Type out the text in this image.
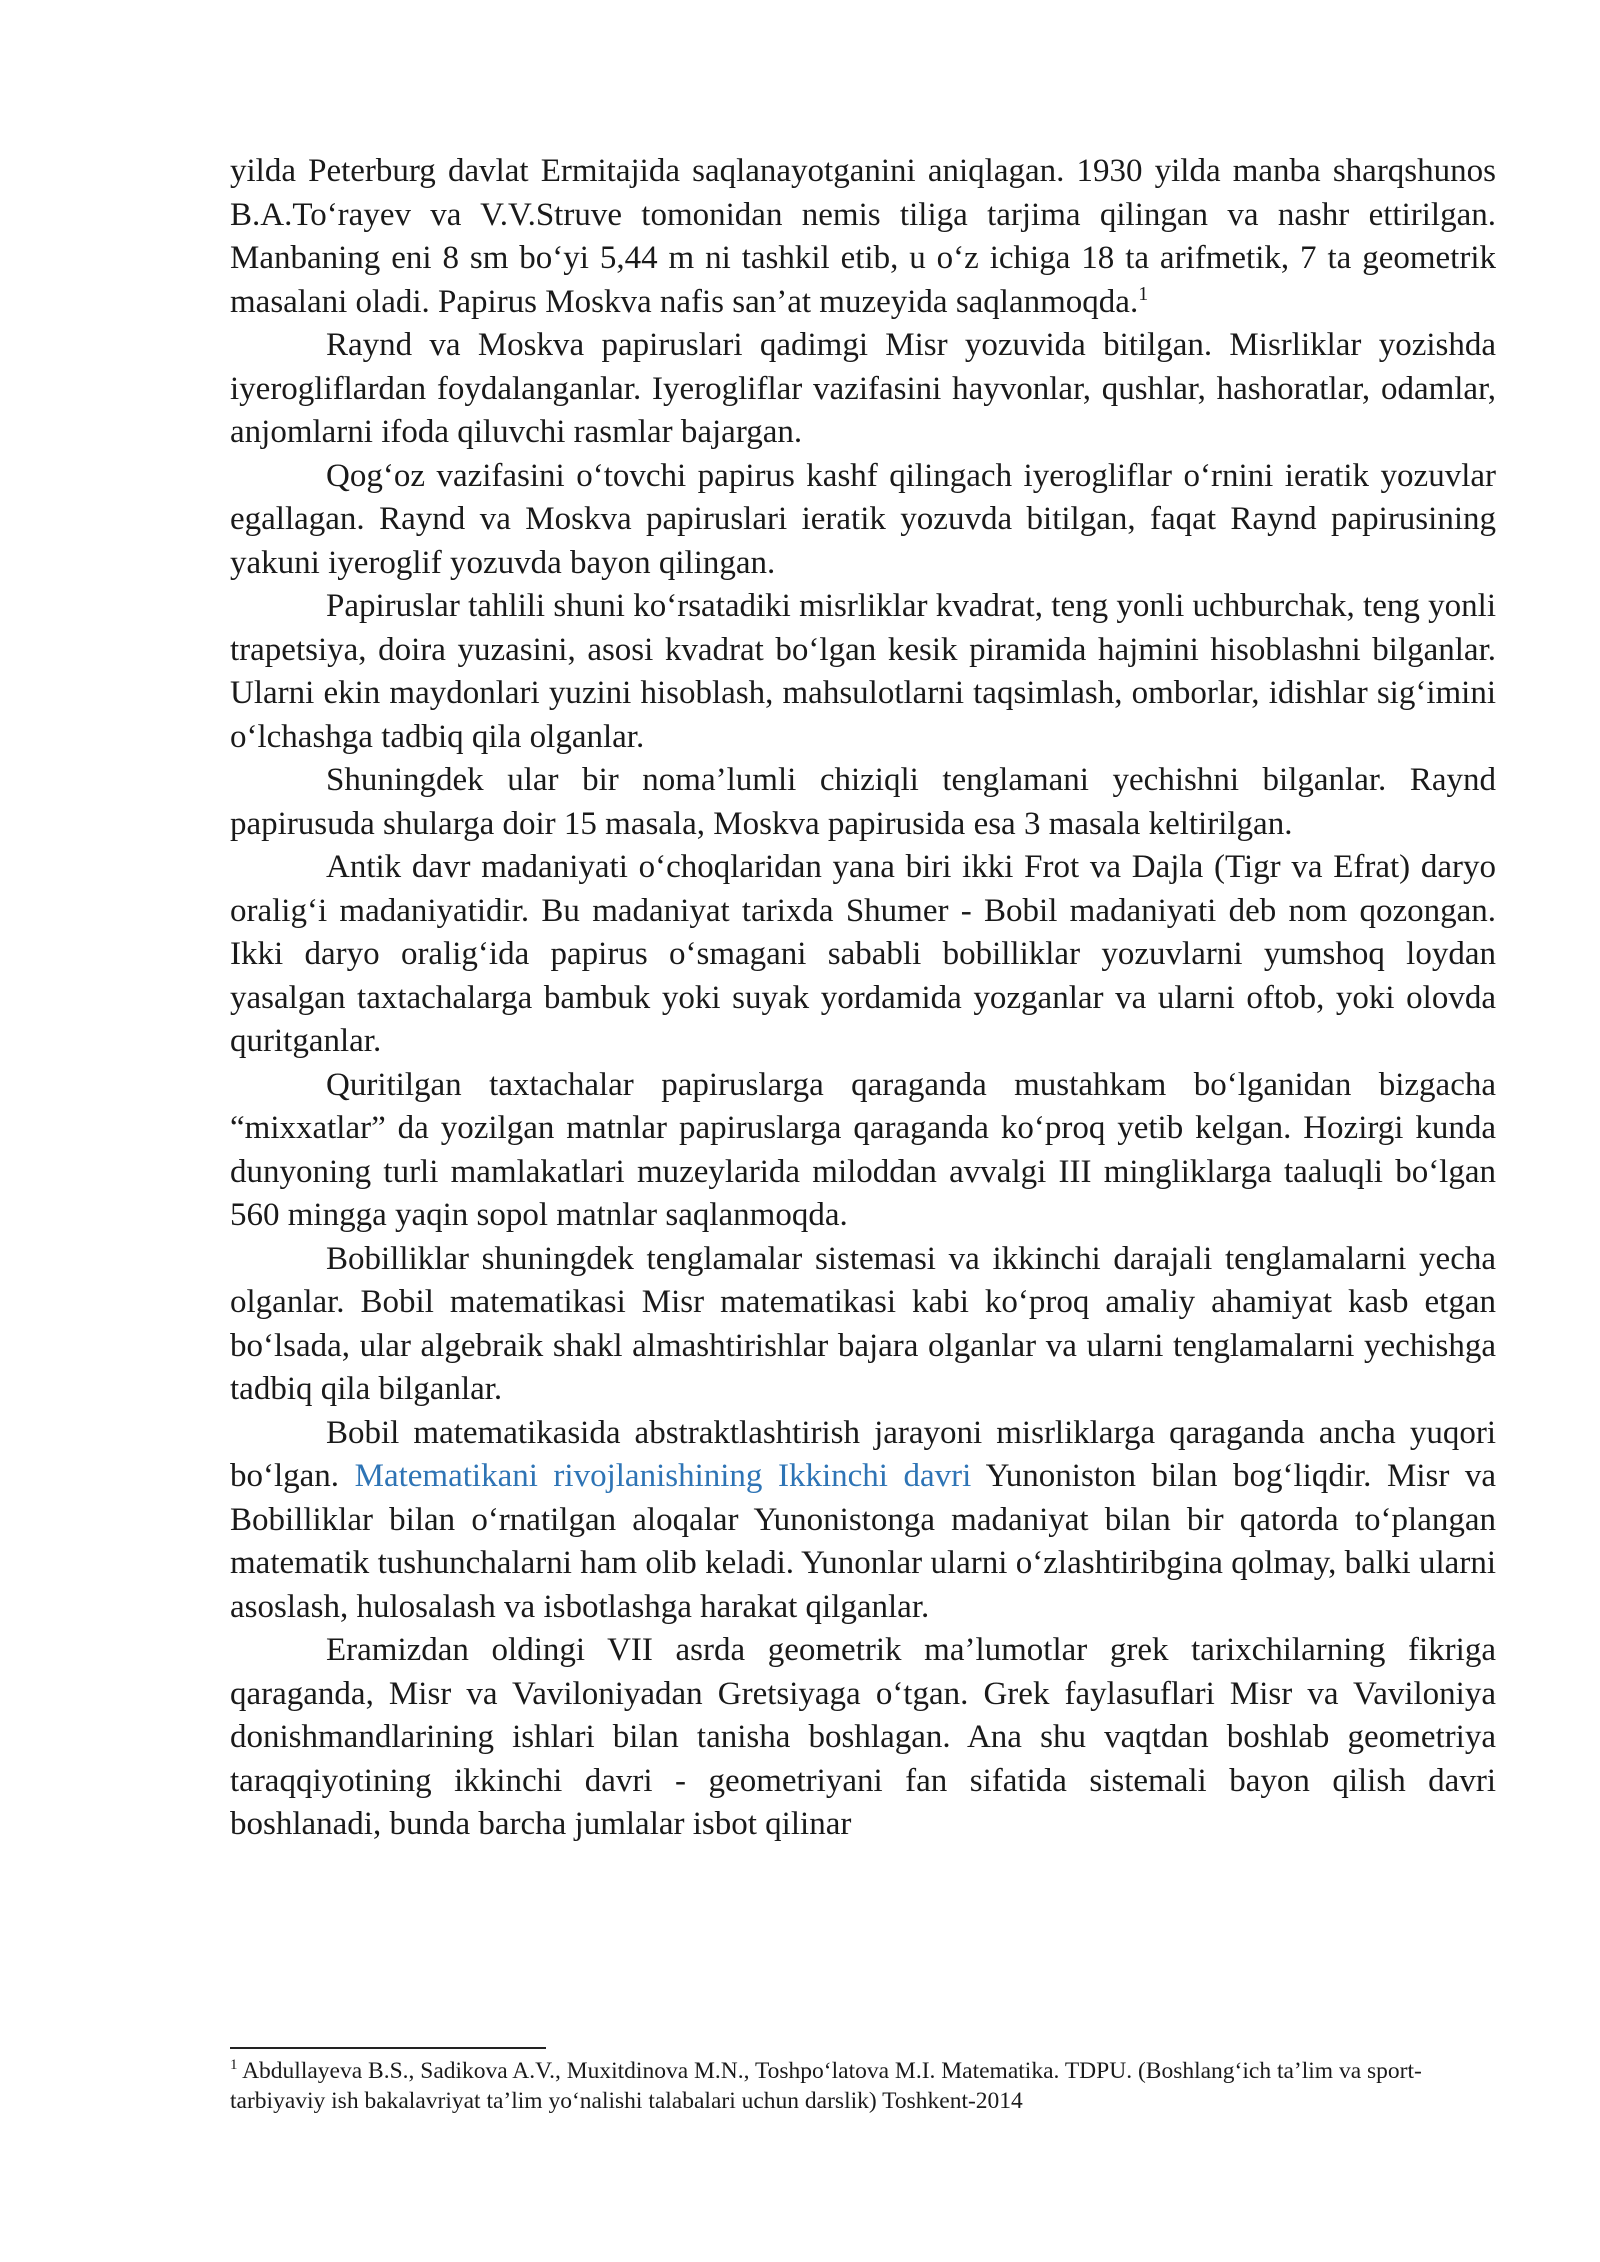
yilda Peterburg davlat Ermitajida saqlanayotganini aniqlagan. 1930 yilda manba sharqshunos B.A.To‘rayev va V.V.Struve tomonidan nemis tiliga tarjima qilingan va nashr ettirilgan. Manbaning eni 8 sm bo‘yi 5,44 m ni tashkil etib, u o‘z ichiga 18 ta arifmetik, 7 ta geometrik masalani oladi. Papirus Moskva nafis san’at muzeyida saqlanmoqda.$^1$

Raynd va Moskva papiruslari qadimgi Misr yozuvida bitilgan. Misrliklar yozishda iyerogliflardan foydalanganlar. Iyerogliflar vazifasini hayvonlar, qushlar, hashoratlar, odamlar, anjomlarni ifoda qiluvchi rasmlar bajargan.

Qog‘oz vazifasini o‘tovchi papirus kashf qilingach iyerogliflar o‘rnini ieratik yozuvlar egallagan. Raynd va Moskva papiruslari ieratik yozuvda bitilgan, faqat Raynd papirusining yakuni iyeroglif yozuvda bayon qilingan.

Papiruslar tahlili shuni ko‘rsatadiki misrliklar kvadrat, teng yonli uchburchak, teng yonli trapetsiya, doira yuzasini, asosi kvadrat bo‘lgan kesik piramida hajmini hisoblashni bilganlar. Ularni ekin maydonlari yuzini hisoblash, mahsulotlarni taqsimlash, omborlar, idishlar sig‘imini o‘lchashga tadbiq qila olganlar.

Shuningdek ular bir noma’lumli chiziqli tenglamani yechishni bilganlar. Raynd papirusuda shularga doir 15 masala, Moskva papirusida esa 3 masala keltirilgan.

Antik davr madaniyati o‘choqlaridan yana biri ikki Frot va Dajla (Tigr va Efrat) daryo oralig‘i madaniyatidir. Bu madaniyat tarixda Shumer - Bobil madaniyati deb nom qozongan. Ikki daryo oralig‘ida papirus o‘smagani sababli bobilliklar yozuvlarni yumshoq loydan yasalgan taxtachalarga bambuk yoki suyak yordamida yozganlar va ularni oftob, yoki olovda quritganlar.

Quritilgan taxtachalar papiruslarga qaraganda mustahkam bo‘lganidan bizgacha “mixxatlar” da yozilgan matnlar papiruslarga qaraganda ko‘proq yetib kelgan. Hozirgi kunda dunyoning turli mamlakatlari muzeylarida miloddan avvalgi III mingliklarga taaluqli bo‘lgan 560 mingga yaqin sopol matnlar saqlanmoqda.

Bobilliklar shuningdek tenglamalar sistemasi va ikkinchi darajali tenglamalarni yecha olganlar. Bobil matematikasi Misr matematikasi kabi ko‘proq amaliy ahamiyat kasb etgan bo‘lsada, ular algebraik shakl almashtirishlar bajara olganlar va ularni tenglamalarni yechishga tadbiq qila bilganlar.

Bobil matematikasida abstraktlashtirish jarayoni misrliklarga qaraganda ancha yuqori bo‘lgan. Matematikani rivojlanishining Ikkinchi davri Yunoniston bilan bog‘liqdir. Misr va Bobilliklar bilan o‘rnatilgan aloqalar Yunonistonga madaniyat bilan bir qatorda to‘plangan matematik tushunchalarni ham olib keladi. Yunonlar ularni o‘zlashtiribgina qolmay, balki ularni asoslash, hulosalash va isbotlashga harakat qilganlar.

Eramizdan oldingi VII asrda geometrik ma’lumotlar grek tarixchilarning fikriga qaraganda, Misr va Vaviloniyadan Gretsiyaga o‘tgan. Grek faylasuflari Misr va Vaviloniya donishmandlarining ishlari bilan tanisha boshlagan. Ana shu vaqtdan boshlab geometriya taraqqiyotining ikkinchi davri - geometriyani fan sifatida sistemali bayon qilish davri boshlanadi, bunda barcha jumlalar isbot qilinar

$^1$ Abdullayeva B.S., Sadikova A.V., Muxitdinova M.N., Toshpo‘latova M.I. Matematika. TDPU. (Boshlang‘ich ta’lim va sport-tarbiyaviy ish bakalavriyat ta’lim yo‘nalishi talabalari uchun darslik) Toshkent-2014
